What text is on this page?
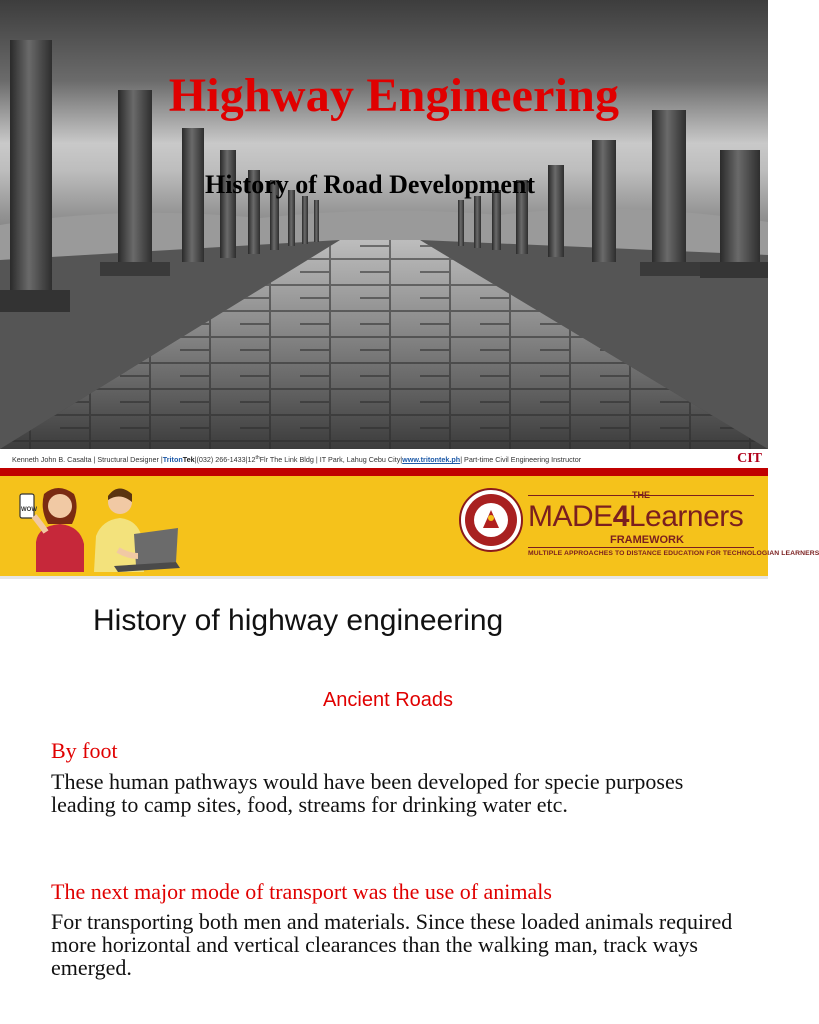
Highway Engineering
History of Road Development
Kenneth John B. Casalta | Structural Designer |TritonTek|(032) 266-1433|12thFlr The Link Bldg | IT Park, Lahug Cebu City|www.tritontek.ph| Part-time Civil Engineering Instructor	CIT
WOW
THE
MADE4Learners
FRAMEWORK
MULTIPLE APPROACHES TO DISTANCE EDUCATION FOR TECHNOLOGIAN LEARNERS
History of highway engineering
Ancient Roads
By foot
These human pathways would have been developed for specie purposes leading to camp sites, food, streams for drinking water etc.
The next major mode of transport was the use of animals
For transporting both men and materials. Since these loaded animals required more horizontal and vertical clearances than the walking man, track ways emerged.
